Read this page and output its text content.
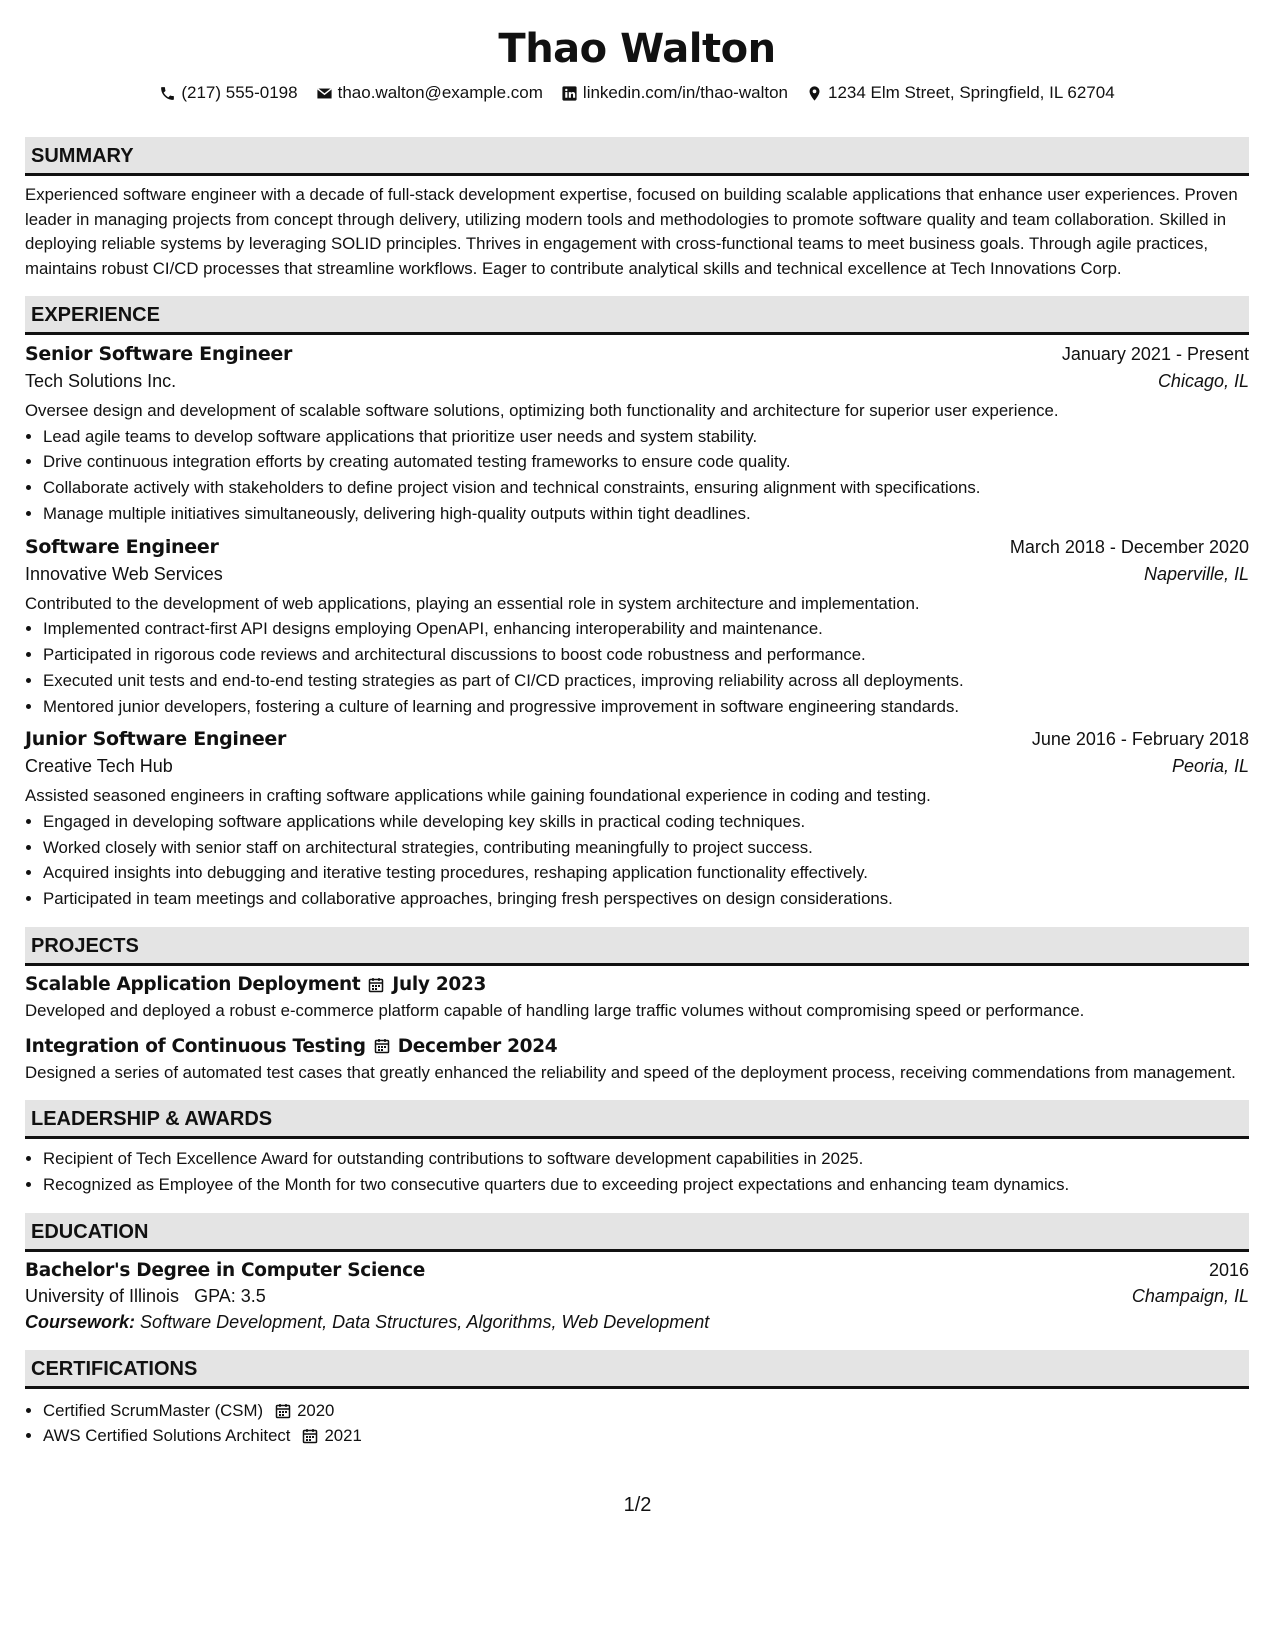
Thao Walton
(217) 555-0198 thao.walton@example.com linkedin.com/in/thao-walton 1234 Elm Street, Springfield, IL 62704
SUMMARY
Experienced software engineer with a decade of full-stack development expertise, focused on building scalable applications that enhance user experiences. Proven leader in managing projects from concept through delivery, utilizing modern tools and methodologies to promote software quality and team collaboration. Skilled in deploying reliable systems by leveraging SOLID principles. Thrives in engagement with cross-functional teams to meet business goals. Through agile practices, maintains robust CI/CD processes that streamline workflows. Eager to contribute analytical skills and technical excellence at Tech Innovations Corp.
EXPERIENCE
Senior Software Engineer	January 2021 - Present
Tech Solutions Inc.	Chicago, IL
Oversee design and development of scalable software solutions, optimizing both functionality and architecture for superior user experience.
• Lead agile teams to develop software applications that prioritize user needs and system stability.
• Drive continuous integration efforts by creating automated testing frameworks to ensure code quality.
• Collaborate actively with stakeholders to define project vision and technical constraints, ensuring alignment with specifications.
• Manage multiple initiatives simultaneously, delivering high-quality outputs within tight deadlines.
Software Engineer	March 2018 - December 2020
Innovative Web Services	Naperville, IL
Contributed to the development of web applications, playing an essential role in system architecture and implementation.
• Implemented contract-first API designs employing OpenAPI, enhancing interoperability and maintenance.
• Participated in rigorous code reviews and architectural discussions to boost code robustness and performance.
• Executed unit tests and end-to-end testing strategies as part of CI/CD practices, improving reliability across all deployments.
• Mentored junior developers, fostering a culture of learning and progressive improvement in software engineering standards.
Junior Software Engineer	June 2016 - February 2018
Creative Tech Hub	Peoria, IL
Assisted seasoned engineers in crafting software applications while gaining foundational experience in coding and testing.
• Engaged in developing software applications while developing key skills in practical coding techniques.
• Worked closely with senior staff on architectural strategies, contributing meaningfully to project success.
• Acquired insights into debugging and iterative testing procedures, reshaping application functionality effectively.
• Participated in team meetings and collaborative approaches, bringing fresh perspectives on design considerations.
PROJECTS
Scalable Application Deployment July 2023
Developed and deployed a robust e-commerce platform capable of handling large traffic volumes without compromising speed or performance.
Integration of Continuous Testing December 2024
Designed a series of automated test cases that greatly enhanced the reliability and speed of the deployment process, receiving commendations from management.
LEADERSHIP & AWARDS
• Recipient of Tech Excellence Award for outstanding contributions to software development capabilities in 2025.
• Recognized as Employee of the Month for two consecutive quarters due to exceeding project expectations and enhancing team dynamics.
EDUCATION
Bachelor's Degree in Computer Science	2016
University of Illinois GPA: 3.5	Champaign, IL
Coursework: Software Development, Data Structures, Algorithms, Web Development
CERTIFICATIONS
• Certified ScrumMaster (CSM) 2020
• AWS Certified Solutions Architect 2021
1/2
